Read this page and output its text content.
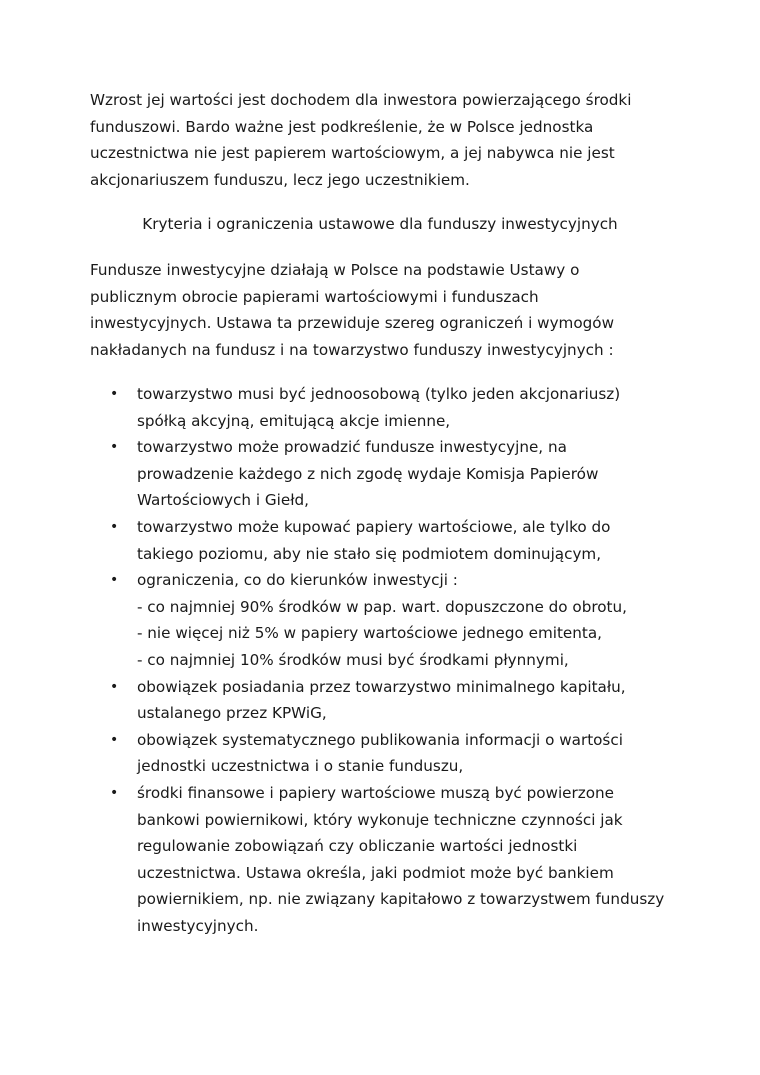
Wzrost jej wartości jest dochodem dla inwestora powierzającego środki
funduszowi. Bardo ważne jest podkreślenie, że w Polsce jednostka
uczestnictwa nie jest papierem wartościowym, a jej nabywca nie jest
akcjonariuszem funduszu, lecz jego uczestnikiem.

Kryteria i ograniczenia ustawowe dla funduszy inwestycyjnych

Fundusze inwestycyjne działają w Polsce na podstawie Ustawy o
publicznym obrocie papierami wartościowymi i funduszach
inwestycyjnych. Ustawa ta przewiduje szereg ograniczeń i wymogów
nakładanych na fundusz i na towarzystwo funduszy inwestycyjnych :

• towarzystwo musi być jednoosobową (tylko jeden akcjonariusz)
spółką akcyjną, emitującą akcje imienne,
• towarzystwo może prowadzić fundusze inwestycyjne, na
prowadzenie każdego z nich zgodę wydaje Komisja Papierów
Wartościowych i Giełd,
• towarzystwo może kupować papiery wartościowe, ale tylko do
takiego poziomu, aby nie stało się podmiotem dominującym,
• ograniczenia, co do kierunków inwestycji :
- co najmniej 90% środków w pap. wart. dopuszczone do obrotu,
- nie więcej niż 5% w papiery wartościowe jednego emitenta,
- co najmniej 10% środków musi być środkami płynnymi,
• obowiązek posiadania przez towarzystwo minimalnego kapitału,
ustalanego przez KPWiG,
• obowiązek systematycznego publikowania informacji o wartości
jednostki uczestnictwa i o stanie funduszu,
• środki finansowe i papiery wartościowe muszą być powierzone
bankowi powiernikowi, który wykonuje techniczne czynności jak
regulowanie zobowiązań czy obliczanie wartości jednostki
uczestnictwa. Ustawa określa, jaki podmiot może być bankiem
powiernikiem, np. nie związany kapitałowo z towarzystwem funduszy
inwestycyjnych.
